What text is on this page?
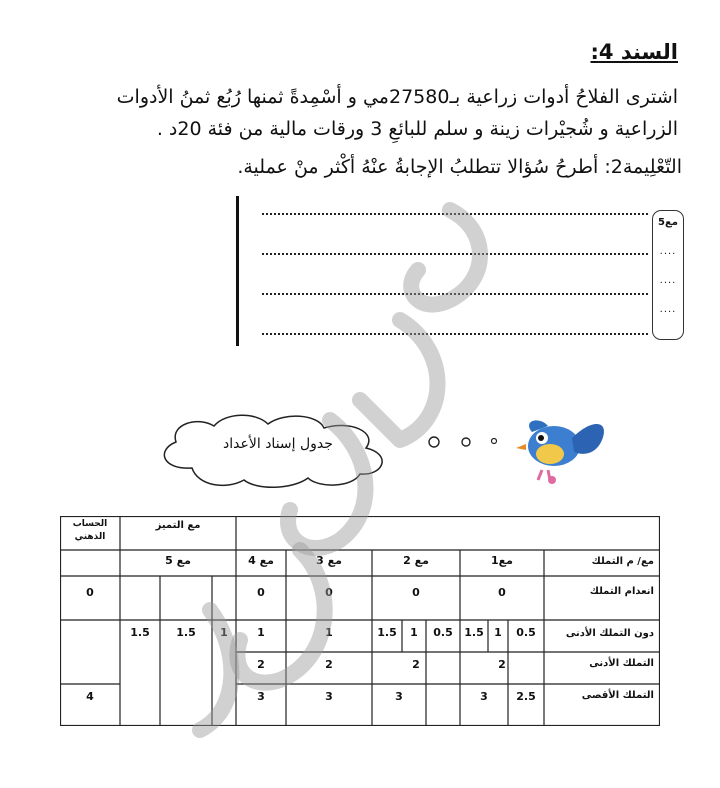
السند 4:
اشترى الفلاحُ أدوات زراعية بـ27580مي و أسْمِدةً ثمنها رُبُع ثمنُ الأدوات
الزراعية و شُجيْرات زينة و سلم للبائعِ 3 ورقات مالية من فئة 20د .
التّعْلِيمة2: أطرحُ سُؤالا تتطلبُ الإجابةُ عنْهُ أكْثر منْ عملية.
مع5
....
....
....
جدول إسناد الأعداد
الحساب الذهني
مع التميز
مع/ م التملك
مع1
مع 2
مع 3
مع 4
مع 5
انعدام التملك
دون التملك الأدنى
التملك الأدنى
التملك الأقصى
0
0
0
0
0
0.5
1
1.5
0.5
1
1.5
1
1
1
1.5
1.5
2
2
2
2
2.5
3
3
3
3
4
